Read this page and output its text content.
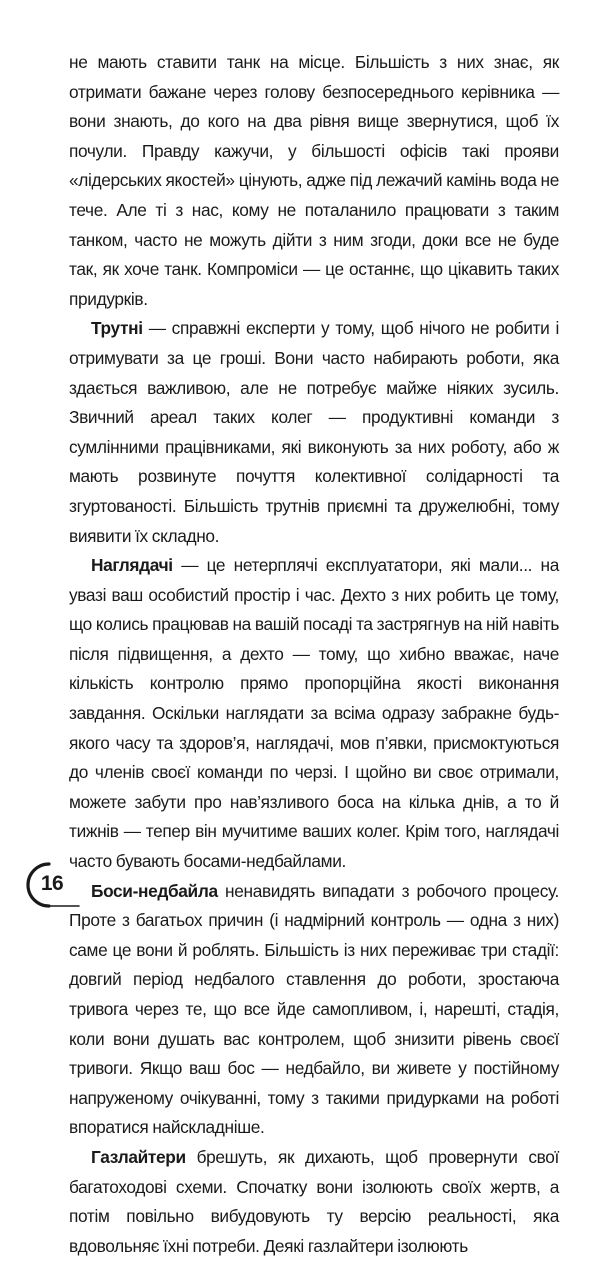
не мають ставити танк на місце. Більшість з них знає, як отримати бажане через голову безпосереднього керівника — вони знають, до кого на два рівня вище звернутися, щоб їх почули. Правду кажучи, у більшості офісів такі прояви «лідерських якостей» цінують, адже під лежачий камінь вода не тече. Але ті з нас, кому не поталанило працювати з таким танком, часто не можуть дійти з ним згоди, доки все не буде так, як хоче танк. Компроміси — це останнє, що цікавить таких придурків.

Трутні — справжні експерти у тому, щоб нічого не робити і отримувати за це гроші. Вони часто набирають роботи, яка здається важливою, але не потребує майже ніяких зусиль. Звичний ареал таких колег — продуктивні команди з сумлінними працівниками, які виконують за них роботу, або ж мають розвинуте почуття колективної солідарності та згуртованості. Більшість трутнів приємні та дружелюбні, тому виявити їх складно.

Наглядачі — це нетерплячі експлуататори, які мали... на увазі ваш особистий простір і час. Дехто з них робить це тому, що колись працював на вашій посаді та застрягнув на ній навіть після підвищення, а дехто — тому, що хибно вважає, наче кількість контролю прямо пропорційна якості виконання завдання. Оскільки наглядати за всіма одразу забракне будь-якого часу та здоров’я, наглядачі, мов п’явки, присмоктуються до членів своєї команди по черзі. І щойно ви своє отримали, можете забути про нав’язливого боса на кілька днів, а то й тижнів — тепер він мучитиме ваших колег. Крім того, наглядачі часто бувають босами-недбайлами.

Боси-недбайла ненавидять випадати з робочого процесу. Проте з багатьох причин (і надмірний контроль — одна з них) саме це вони й роблять. Більшість із них переживає три стадії: довгий період недбалого ставлення до роботи, зростаюча тривога через те, що все йде самопливом, і, нарешті, стадія, коли вони душать вас контролем, щоб знизити рівень своєї тривоги. Якщо ваш бос — недбайло, ви живете у постійному напруженому очікуванні, тому з такими придурками на роботі впоратися найскладніше.

Газлайтери брешуть, як дихають, щоб провернути свої багатоходові схеми. Спочатку вони ізолюють своїх жертв, а потім повільно вибудовують ту версію реальності, яка вдовольняє їхні потреби. Деякі газлайтери ізолюють

16
